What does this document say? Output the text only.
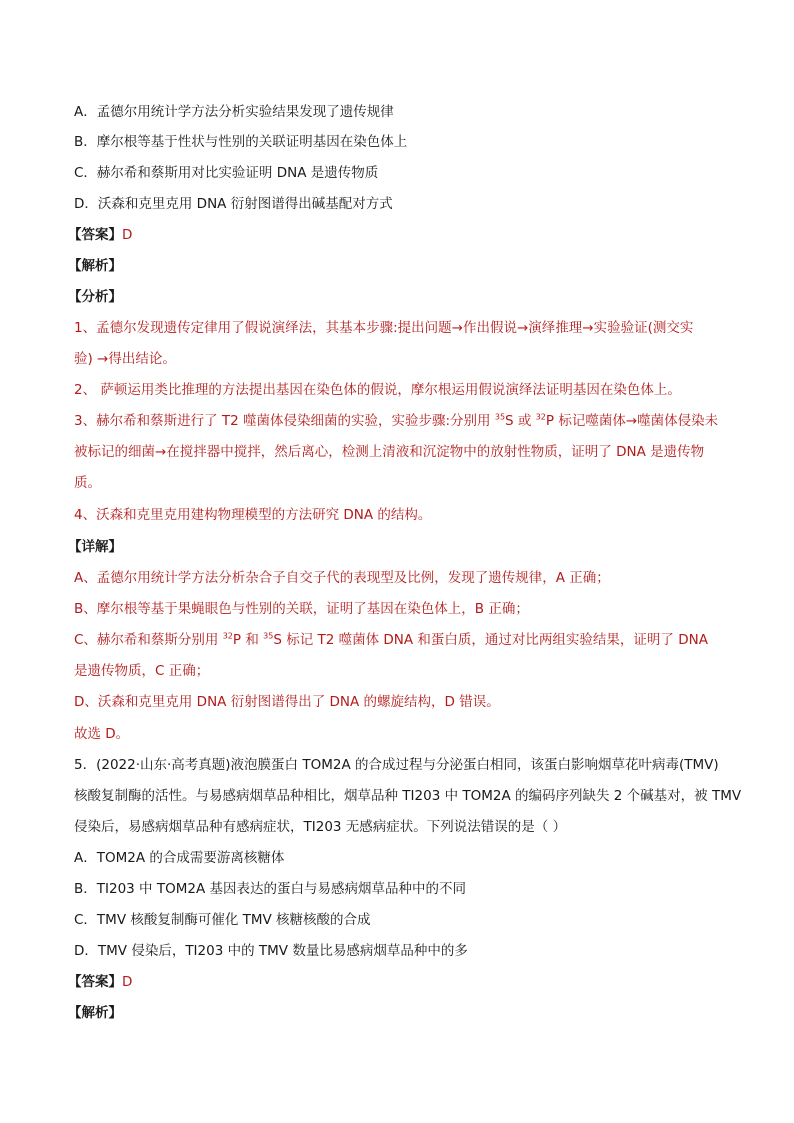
A．孟德尔用统计学方法分析实验结果发现了遗传规律
B．摩尔根等基于性状与性别的关联证明基因在染色体上
C．赫尔希和蔡斯用对比实验证明 DNA 是遗传物质
D．沃森和克里克用 DNA 衍射图谱得出碱基配对方式
【答案】D
【解析】
【分析】
1、孟德尔发现遗传定律用了假说演绎法，其基本步骤:提出问题→作出假说→演绎推理→实验验证(测交实
验) →得出结论。
2、 萨顿运用类比推理的方法提出基因在染色体的假说，摩尔根运用假说演绎法证明基因在染色体上。
3、赫尔希和蔡斯进行了 T2 噬菌体侵染细菌的实验，实验步骤:分别用 $^{35}$S 或 $^{32}$P 标记噬菌体→噬菌体侵染未
被标记的细菌→在搅拌器中搅拌，然后离心，检测上清液和沉淀物中的放射性物质，证明了 DNA 是遗传物
质。
4、沃森和克里克用建构物理模型的方法研究 DNA 的结构。
【详解】
A、孟德尔用统计学方法分析杂合子自交子代的表现型及比例，发现了遗传规律，A 正确；
B、摩尔根等基于果蝇眼色与性别的关联，证明了基因在染色体上，B 正确；
C、赫尔希和蔡斯分别用 $^{32}$P 和 $^{35}$S 标记 T2 噬菌体 DNA 和蛋白质，通过对比两组实验结果，证明了 DNA
是遗传物质，C 正确；
D、沃森和克里克用 DNA 衍射图谱得出了 DNA 的螺旋结构，D 错误。
故选 D。
5．(2022·山东·高考真题)液泡膜蛋白 TOM2A 的合成过程与分泌蛋白相同，该蛋白影响烟草花叶病毒(TMV)
核酸复制酶的活性。与易感病烟草品种相比，烟草品种 TI203 中 TOM2A 的编码序列缺失 2 个碱基对，被 TMV
侵染后，易感病烟草品种有感病症状，TI203 无感病症状。下列说法错误的是（ ）
A．TOM2A 的合成需要游离核糖体
B．TI203 中 TOM2A 基因表达的蛋白与易感病烟草品种中的不同
C．TMV 核酸复制酶可催化 TMV 核糖核酸的合成
D．TMV 侵染后，TI203 中的 TMV 数量比易感病烟草品种中的多
【答案】D
【解析】
